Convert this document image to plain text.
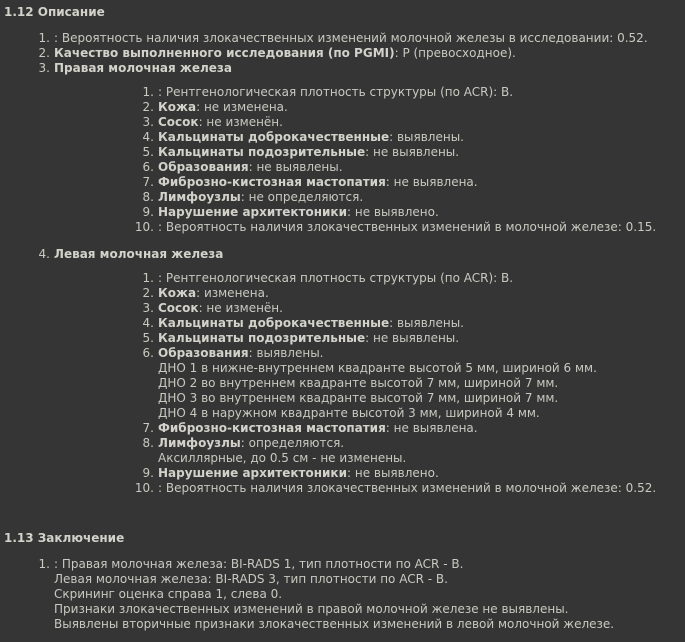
1.12 Описание
1. : Вероятность наличия злокачественных изменений молочной железы в исследовании: 0.52.
2. Качество выполненного исследования (по PGMI): P (превосходное).
3. Правая молочная железа
1. : Рентгенологическая плотность структуры (по ACR): B.
2. Кожа: не изменена.
3. Сосок: не изменён.
4. Кальцинаты доброкачественные: выявлены.
5. Кальцинаты подозрительные: не выявлены.
6. Образования: не выявлены.
7. Фиброзно-кистозная мастопатия: не выявлена.
8. Лимфоузлы: не определяются.
9. Нарушение архитектоники: не выявлено.
10. : Вероятность наличия злокачественных изменений в молочной железе: 0.15.
4. Левая молочная железа
1. : Рентгенологическая плотность структуры (по ACR): B.
2. Кожа: изменена.
3. Сосок: не изменён.
4. Кальцинаты доброкачественные: выявлены.
5. Кальцинаты подозрительные: не выявлены.
6. Образования: выявлены.
ДНО 1 в нижне-внутреннем квадранте высотой 5 мм, шириной 6 мм.
ДНО 2 во внутреннем квадранте высотой 7 мм, шириной 7 мм.
ДНО 3 во внутреннем квадранте высотой 7 мм, шириной 7 мм.
ДНО 4 в наружном квадранте высотой 3 мм, шириной 4 мм.
7. Фиброзно-кистозная мастопатия: не выявлена.
8. Лимфоузлы: определяются.
Аксиллярные, до 0.5 см - не изменены.
9. Нарушение архитектоники: не выявлено.
10. : Вероятность наличия злокачественных изменений в молочной железе: 0.52.
1.13 Заключение
1. : Правая молочная железа: BI-RADS 1, тип плотности по ACR - B.
Левая молочная железа: BI-RADS 3, тип плотности по ACR - B.
Скрининг оценка справа 1, слева 0.
Признаки злокачественных изменений в правой молочной железе не выявлены.
Выявлены вторичные признаки злокачественных изменений в левой молочной железе.
